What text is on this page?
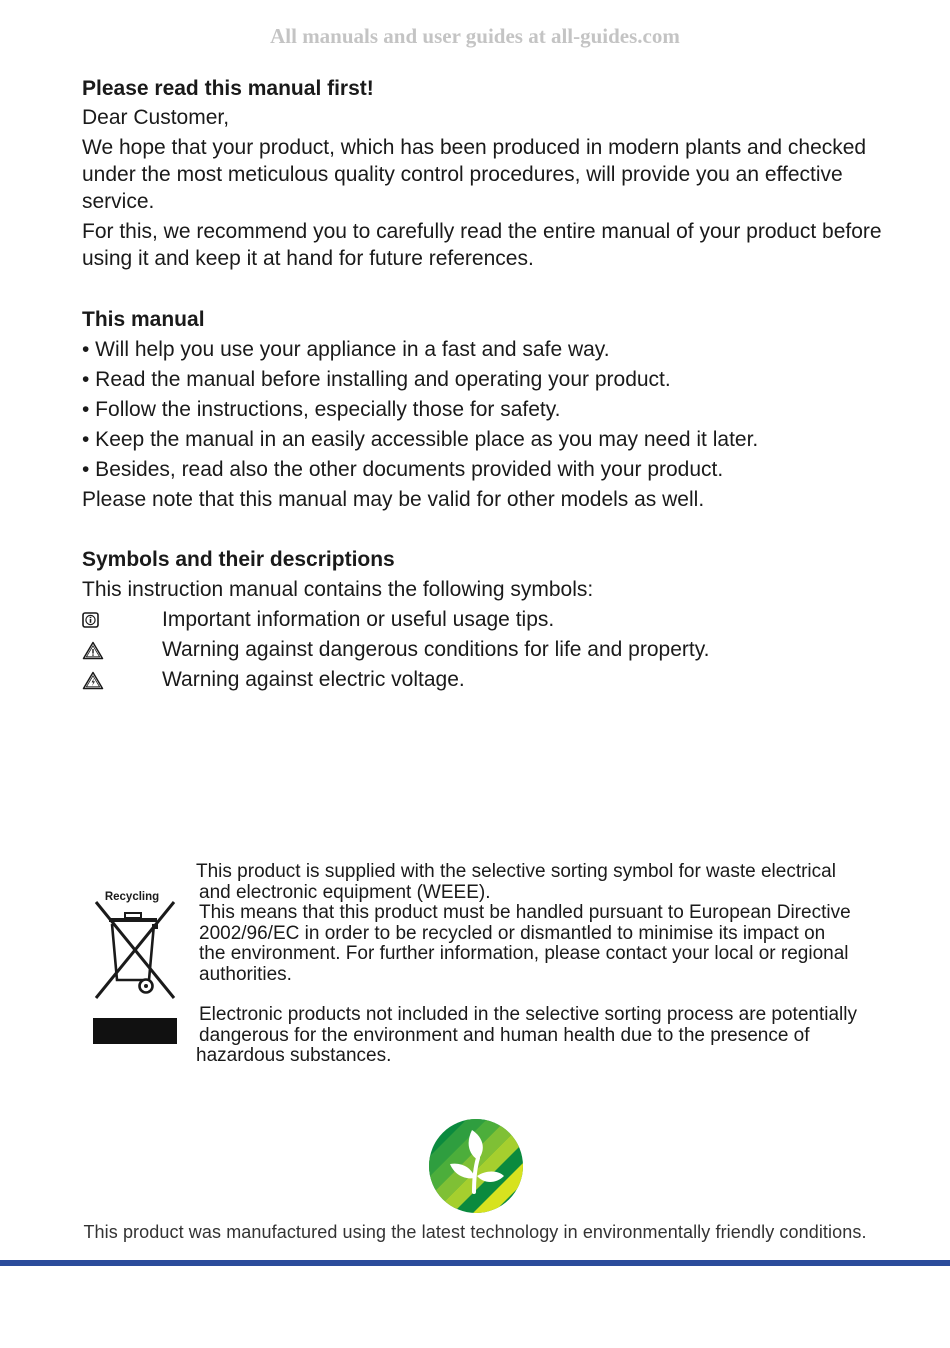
All manuals and user guides at all-guides.com

Please read this manual first!

Dear Customer,

We hope that your product, which has been produced in modern plants and checked under the most meticulous quality control procedures, will provide you an effective service.

For this, we recommend you to carefully read the entire manual of your product before using it and keep it at hand for future references.

This manual

• Will help you use your appliance in a fast and safe way.

• Read the manual before installing and operating your product.

• Follow the instructions, especially those for safety.

• Keep the manual in an easily accessible place as you may need it later.

• Besides, read also the other documents provided with your product.

Please note that this manual may be valid for other models as well.

Symbols and their descriptions

This instruction manual contains the following symbols:

Important information or useful usage tips.
Warning against dangerous conditions for life and property.
Warning against electric voltage.
Recycling

This product is supplied with the selective sorting symbol for waste electrical

and electronic equipment (WEEE).

This means that this product must be handled pursuant to European Directive

2002/96/EC in order to be recycled or dismantled to minimise its impact on

the environment. For further information, please contact your local or regional

authorities.

Electronic products not included in the selective sorting process are potentially

dangerous for the environment and human health due to the presence of

hazardous substances.

This product was manufactured using the latest technology in environmentally friendly conditions.
